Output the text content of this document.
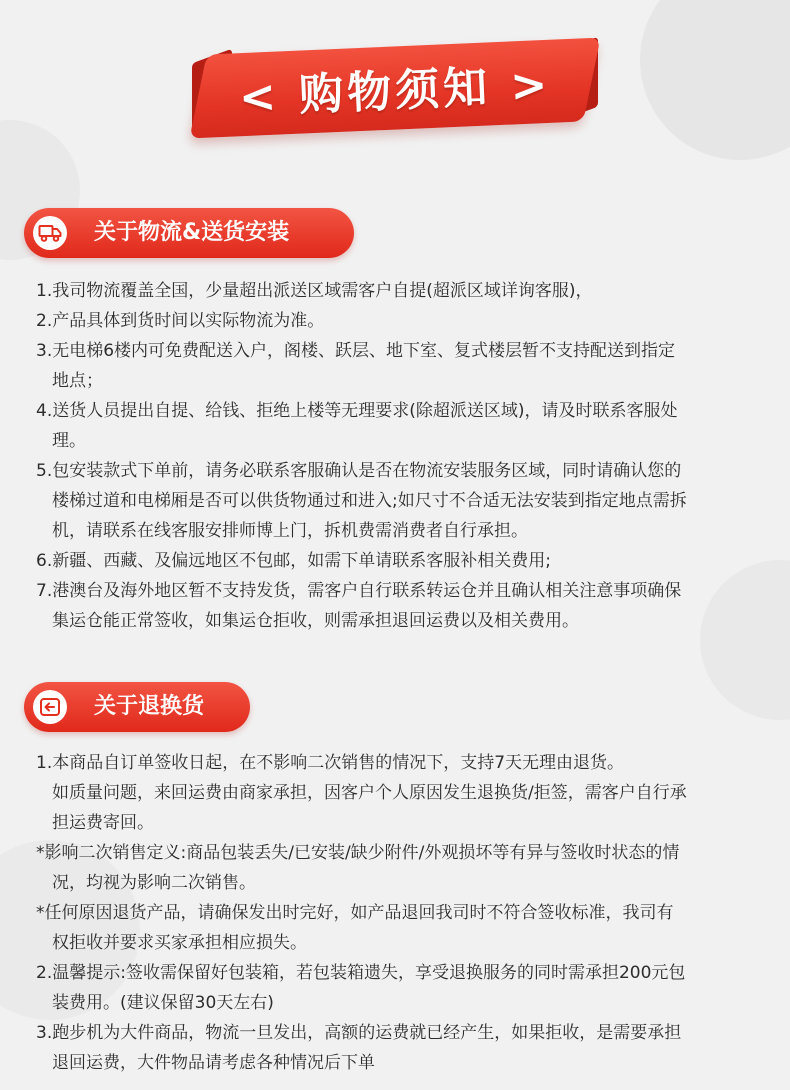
< 购物须知 >
关于物流&送货安装
1.我司物流覆盖全国，少量超出派送区域需客户自提(超派区域详询客服)，
2.产品具体到货时间以实际物流为准。
3.无电梯6楼内可免费配送入户，阁楼、跃层、地下室、复式楼层暂不支持配送到指定
地点；
4.送货人员提出自提、给钱、拒绝上楼等无理要求(除超派送区域)，请及时联系客服处
理。
5.包安装款式下单前，请务必联系客服确认是否在物流安装服务区域，同时请确认您的
楼梯过道和电梯厢是否可以供货物通过和进入;如尺寸不合适无法安装到指定地点需拆
机，请联系在线客服安排师博上门，拆机费需消费者自行承担。
6.新疆、西藏、及偏远地区不包邮，如需下单请联系客服补相关费用;
7.港澳台及海外地区暂不支持发货，需客户自行联系转运仓并且确认相关注意事项确保
集运仓能正常签收，如集运仓拒收，则需承担退回运费以及相关费用。
关于退换货
1.本商品自订单签收日起，在不影响二次销售的情况下，支持7天无理由退货。
如质量问题，来回运费由商家承担，因客户个人原因发生退换货/拒签，需客户自行承
担运费寄回。
*影响二次销售定义:商品包装丢失/已安装/缺少附件/外观损坏等有异与签收时状态的情
况，均视为影响二次销售。
*任何原因退货产品，请确保发出时完好，如产品退回我司时不符合签收标准，我司有
权拒收并要求买家承担相应损失。
2.温馨提示:签收需保留好包装箱，若包装箱遗失，享受退换服务的同时需承担200元包
装费用。(建议保留30天左右)
3.跑步机为大件商品，物流一旦发出，高额的运费就已经产生，如果拒收，是需要承担
退回运费，大件物品请考虑各种情况后下单
